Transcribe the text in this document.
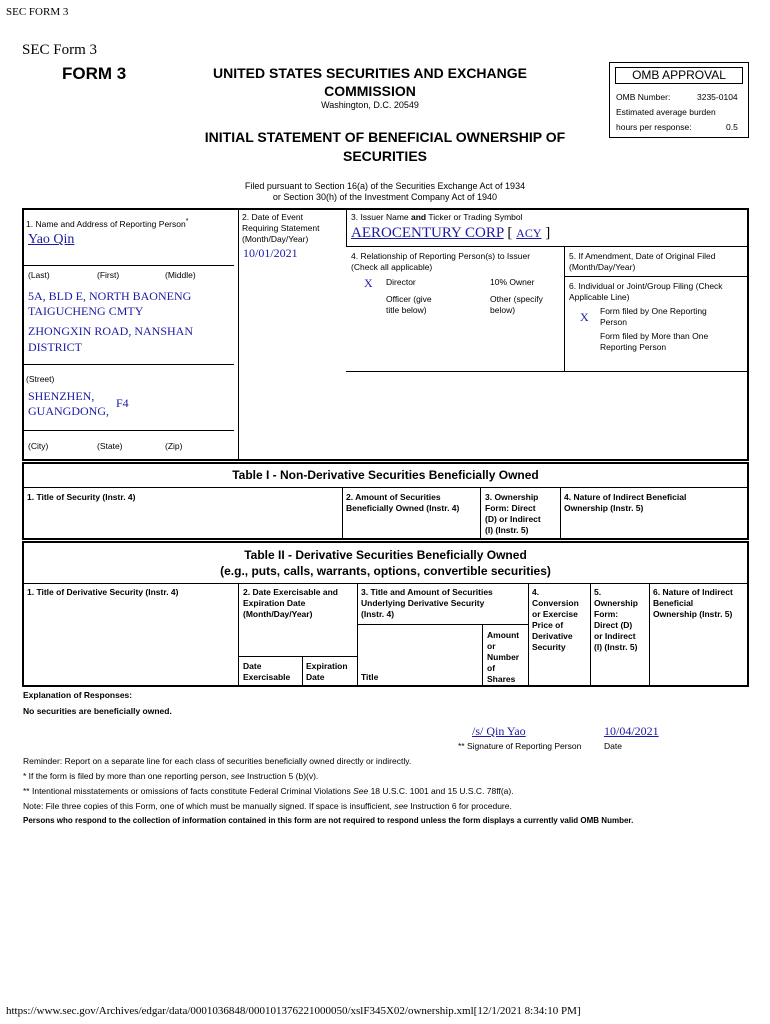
SEC FORM 3
https://www.sec.gov/Archives/edgar/data/0001036848/000101376221000050/xslF345X02/ownership.xml[12/1/2021 8:34:10 PM]
SEC Form 3
FORM 3	UNITED STATES SECURITIES AND EXCHANGE
COMMISSION
Washington, D.C. 20549
INITIAL STATEMENT OF BENEFICIAL OWNERSHIP OF
SECURITIES
OMB APPROVAL
OMB Number:	3235-0104
Estimated average burden
hours per response:	0.5
Filed pursuant to Section 16(a) of the Securities Exchange Act of 1934
or Section 30(h) of the Investment Company Act of 1940
1. Name and Address of Reporting Person*
Yao Qin
(Last)	(First)	(Middle)
5A, BLD E, NORTH BAONENG
TAIGUCHENG CMTY
ZHONGXIN ROAD, NANSHAN
DISTRICT
(Street)
SHENZHEN,
GUANGDONG,
F4
(City)	(State)	(Zip)
2. Date of Event
Requiring Statement
(Month/Day/Year)
10/01/2021
3. Issuer Name and Ticker or Trading Symbol
AEROCENTURY CORP [ ACY ]
4. Relationship of Reporting Person(s) to Issuer
(Check all applicable)
X Director	10% Owner
Officer (give
title below)
Other (specify
below)
5. If Amendment, Date of Original Filed
(Month/Day/Year)
6. Individual or Joint/Group Filing (Check
Applicable Line)
X Form filed by One Reporting
Person
Form filed by More than One
Reporting Person
Table I - Non-Derivative Securities Beneficially Owned
1. Title of Security (Instr. 4)	2. Amount of Securities
Beneficially Owned (Instr. 4)
3. Ownership
Form: Direct
(D) or Indirect
(I) (Instr. 5)
4. Nature of Indirect Beneficial
Ownership (Instr. 5)
Table II - Derivative Securities Beneficially Owned
(e.g., puts, calls, warrants, options, convertible securities)
1. Title of Derivative Security (Instr. 4)	2. Date Exercisable and
Expiration Date
(Month/Day/Year)
3. Title and Amount of Securities
Underlying Derivative Security
(Instr. 4)
4.
Conversion
or Exercise
Price of
Derivative
Security
5.
Ownership
Form:
Direct (D)
or Indirect
(I) (Instr. 5)
6. Nature of Indirect
Beneficial
Ownership (Instr. 5)
Date
Exercisable
Expiration
Date	Title
Amount
or
Number
of
Shares
Explanation of Responses:
No securities are beneficially owned.
/s/ Qin Yao	10/04/2021
** Signature of Reporting Person	Date
Reminder: Report on a separate line for each class of securities beneficially owned directly or indirectly.
* If the form is filed by more than one reporting person, see Instruction 5 (b)(v).
** Intentional misstatements or omissions of facts constitute Federal Criminal Violations See 18 U.S.C. 1001 and 15 U.S.C. 78ff(a).
Note: File three copies of this Form, one of which must be manually signed. If space is insufficient, see Instruction 6 for procedure.
Persons who respond to the collection of information contained in this form are not required to respond unless the form displays a currently valid OMB Number.
